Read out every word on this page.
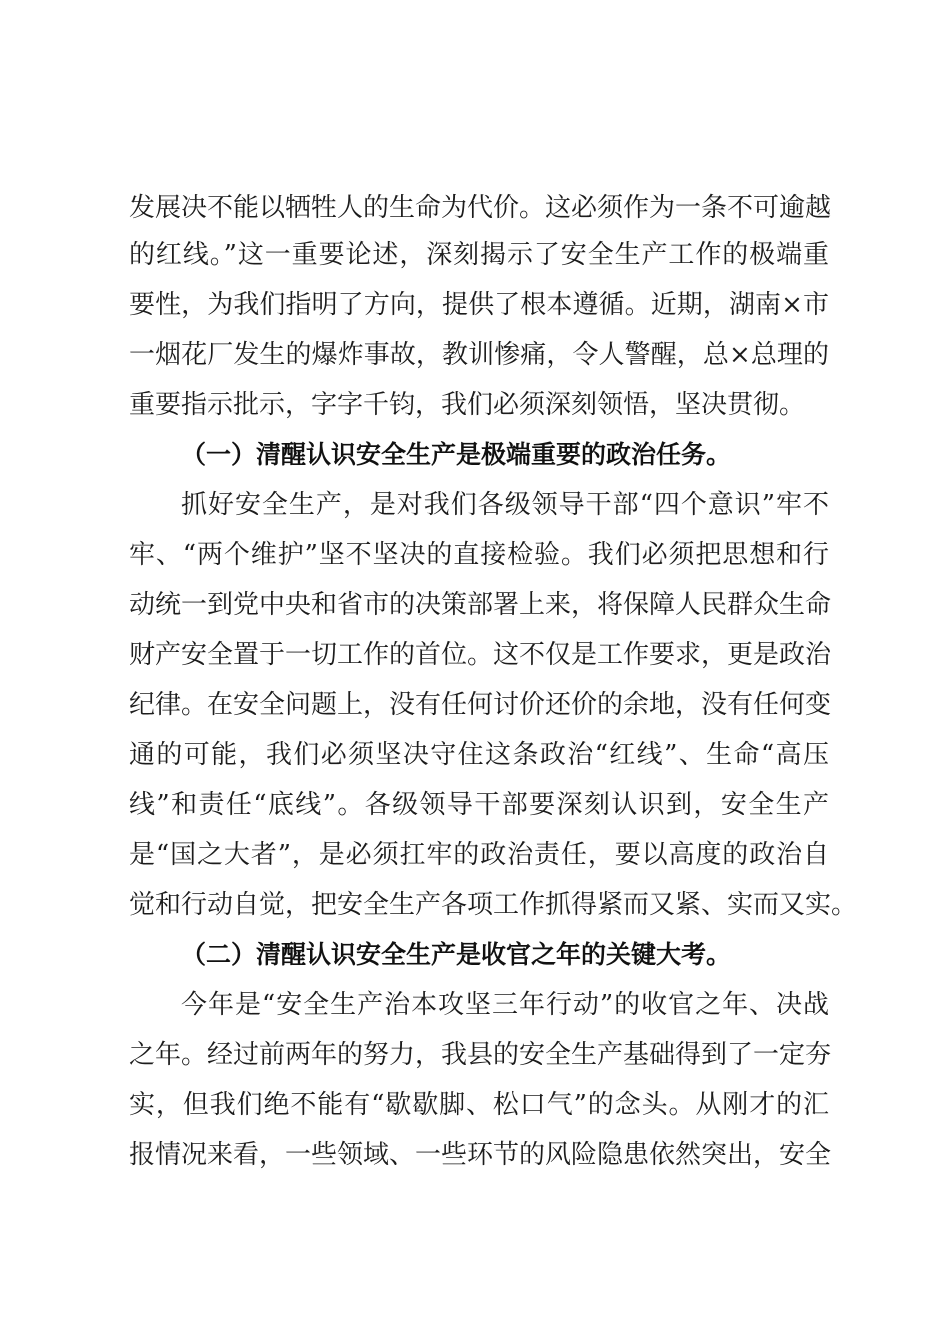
发展决不能以牺牲人的生命为代价。这必须作为一条不可逾越
的红线。”这一重要论述，深刻揭示了安全生产工作的极端重
要性，为我们指明了方向，提供了根本遵循。近期，湖南×市
一烟花厂发生的爆炸事故，教训惨痛，令人警醒，总×总理的
重要指示批示，字字千钧，我们必须深刻领悟，坚决贯彻。
（一）清醒认识安全生产是极端重要的政治任务。
抓好安全生产，是对我们各级领导干部“四个意识”牢不
牢、“两个维护”坚不坚决的直接检验。我们必须把思想和行
动统一到党中央和省市的决策部署上来，将保障人民群众生命
财产安全置于一切工作的首位。这不仅是工作要求，更是政治
纪律。在安全问题上，没有任何讨价还价的余地，没有任何变
通的可能，我们必须坚决守住这条政治“红线”、生命“高压
线”和责任“底线”。各级领导干部要深刻认识到，安全生产
是“国之大者”，是必须扛牢的政治责任，要以高度的政治自
觉和行动自觉，把安全生产各项工作抓得紧而又紧、实而又实。
（二）清醒认识安全生产是收官之年的关键大考。
今年是“安全生产治本攻坚三年行动”的收官之年、决战
之年。经过前两年的努力，我县的安全生产基础得到了一定夯
实，但我们绝不能有“歇歇脚、松口气”的念头。从刚才的汇
报情况来看，一些领域、一些环节的风险隐患依然突出，安全
